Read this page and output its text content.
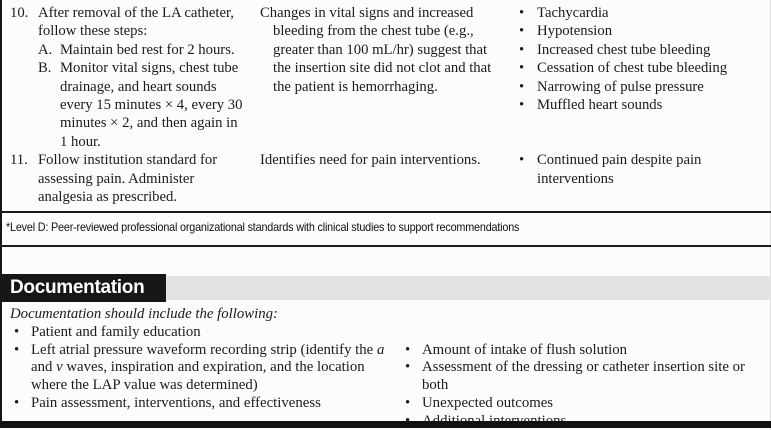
10. After removal of the LA catheter, follow these steps:
A. Maintain bed rest for 2 hours.
B. Monitor vital signs, chest tube drainage, and heart sounds every 15 minutes × 4, every 30 minutes × 2, and then again in 1 hour.
Changes in vital signs and increased bleeding from the chest tube (e.g., greater than 100 mL/hr) suggest that the insertion site did not clot and that the patient is hemorrhaging.
• Tachycardia
• Hypotension
• Increased chest tube bleeding
• Cessation of chest tube bleeding
• Narrowing of pulse pressure
• Muffled heart sounds
11. Follow institution standard for assessing pain. Administer analgesia as prescribed.
Identifies need for pain interventions.	• Continued pain despite pain interventions
*Level D: Peer-reviewed professional organizational standards with clinical studies to support recommendations
Documentation
Documentation should include the following:
• Patient and family education
• Left atrial pressure waveform recording strip (identify the a and v waves, inspiration and expiration, and the location where the LAP value was determined)
• Pain assessment, interventions, and effectiveness
• Amount of intake of flush solution
• Assessment of the dressing or catheter insertion site or both
• Unexpected outcomes
